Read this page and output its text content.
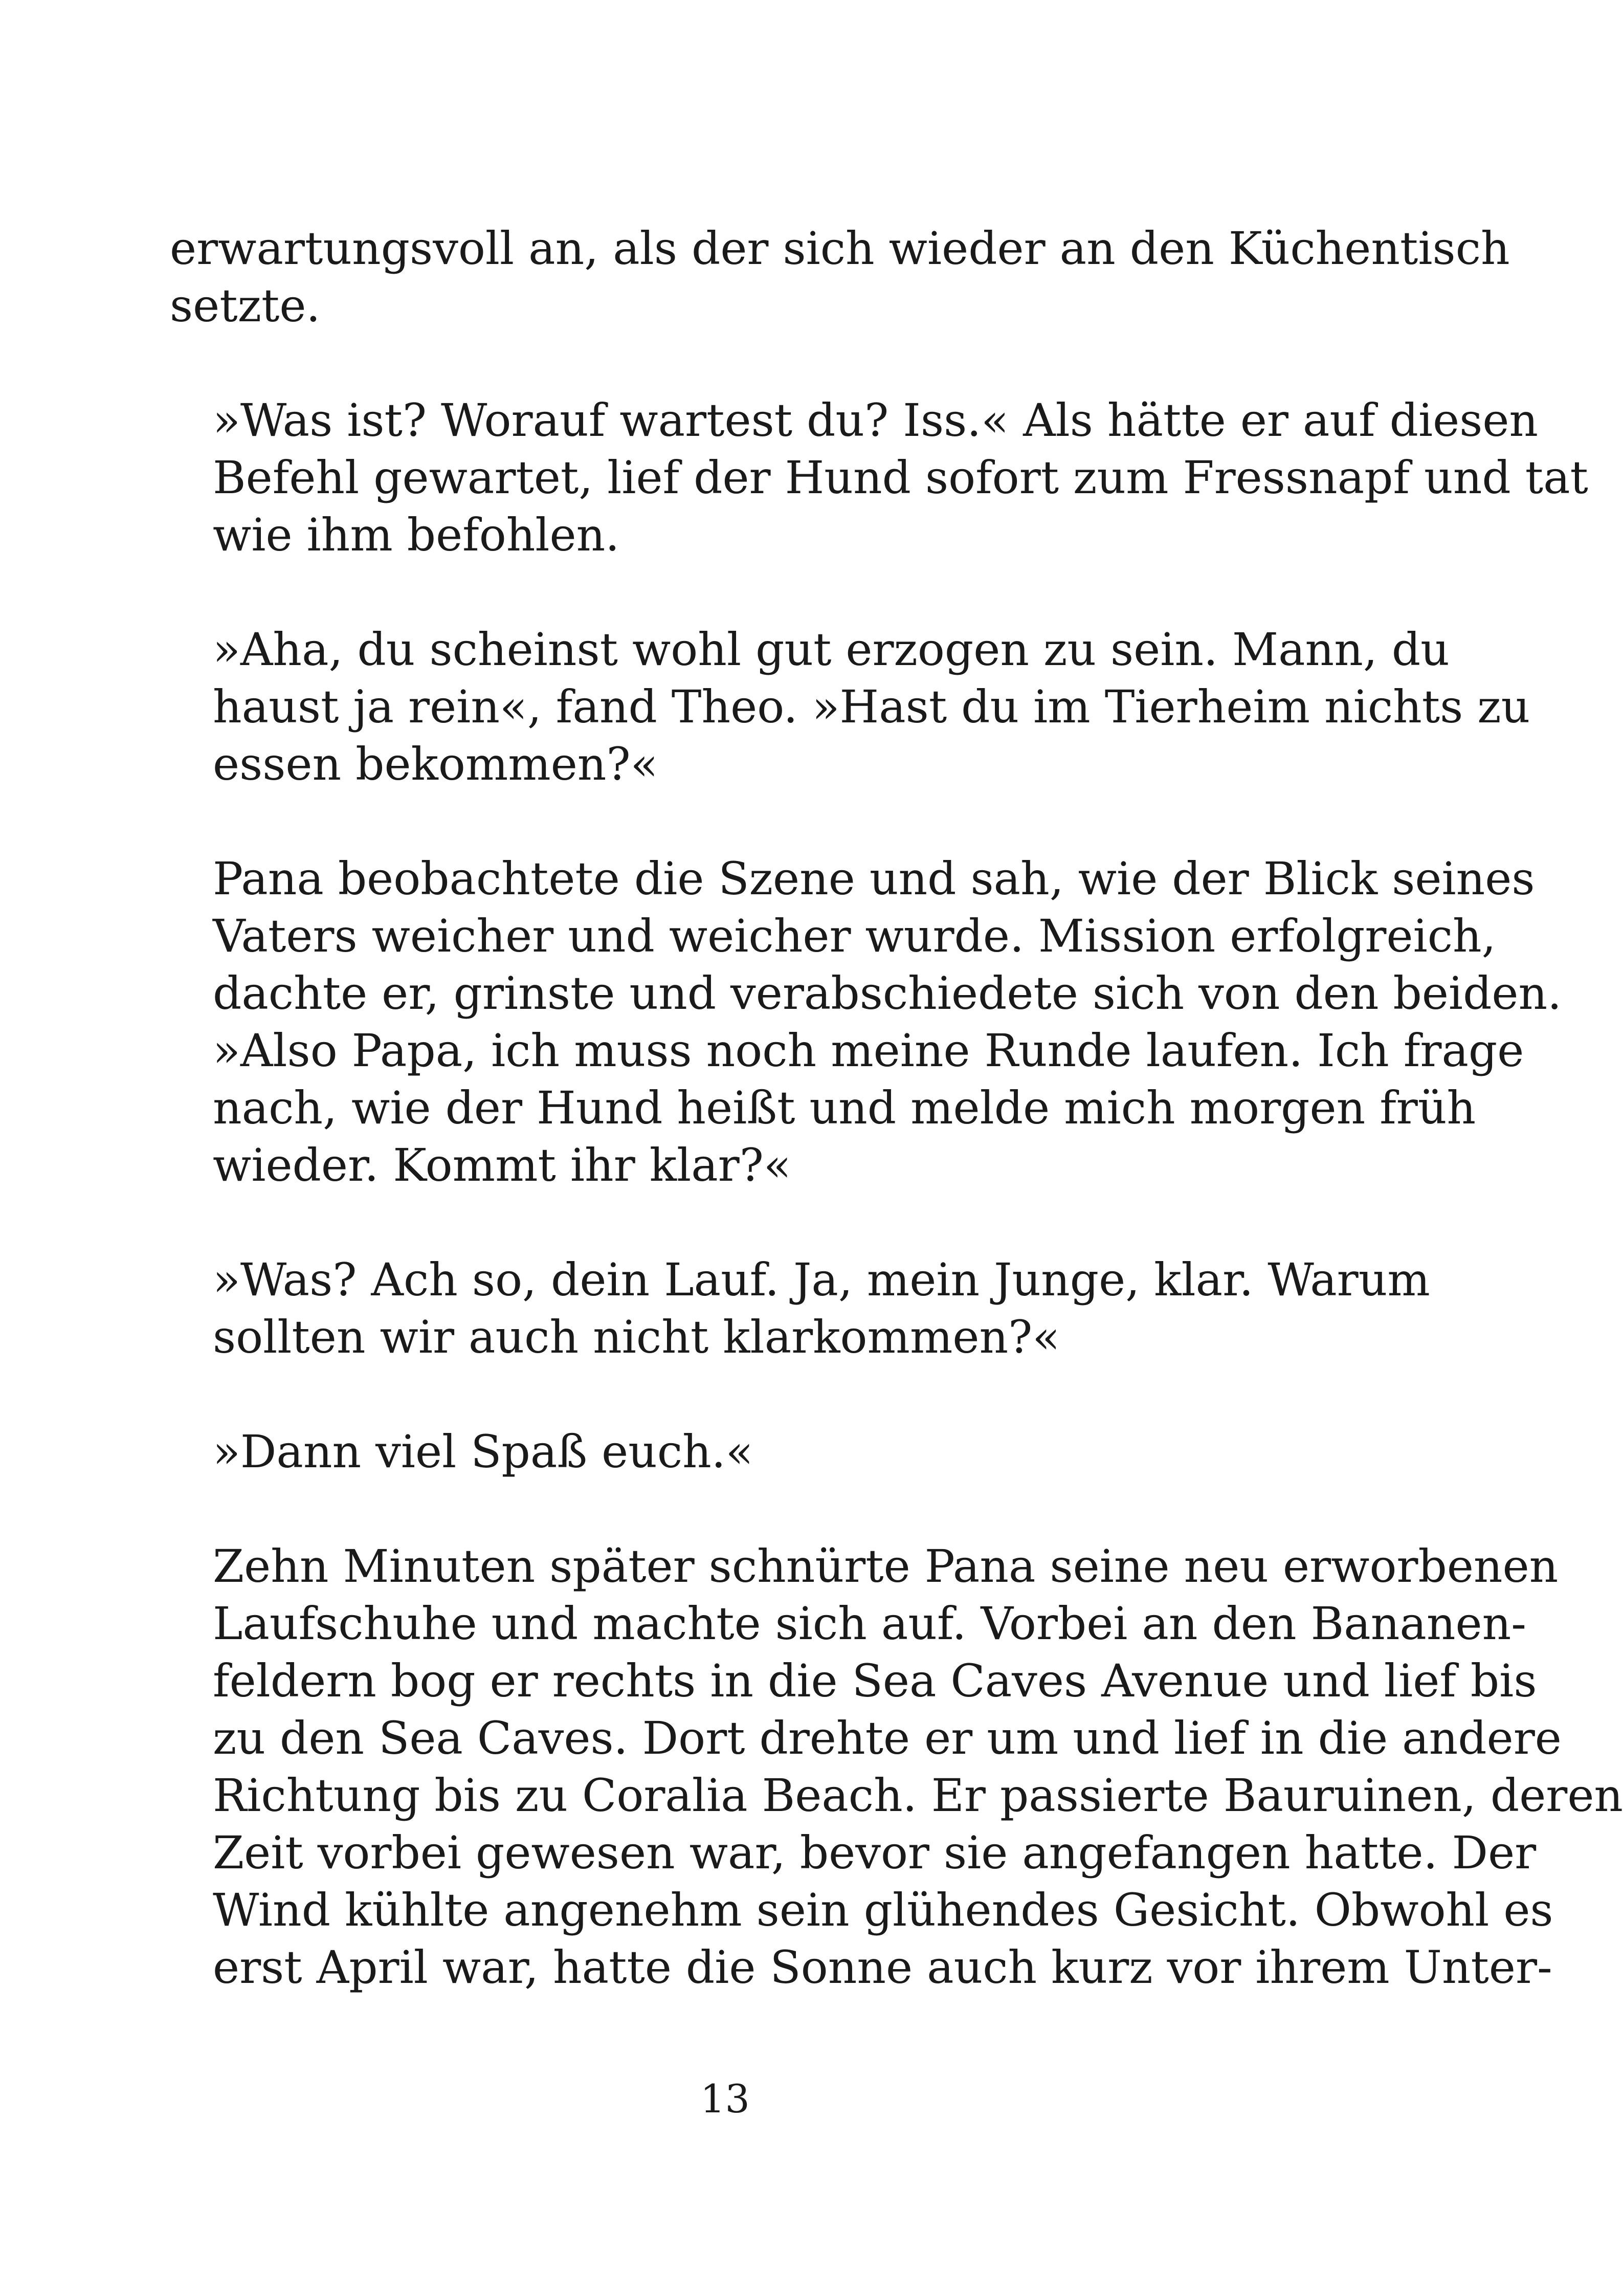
erwartungsvoll an, als der sich wieder an den Küchentisch
setzte.

»Was ist? Worauf wartest du? Iss.« Als hätte er auf diesen
Befehl gewartet, lief der Hund sofort zum Fressnapf und tat
wie ihm befohlen.

»Aha, du scheinst wohl gut erzogen zu sein. Mann, du
haust ja rein«, fand Theo. »Hast du im Tierheim nichts zu
essen bekommen?«

Pana beobachtete die Szene und sah, wie der Blick seines
Vaters weicher und weicher wurde. Mission erfolgreich,
dachte er, grinste und verabschiedete sich von den beiden.
»Also Papa, ich muss noch meine Runde laufen. Ich frage
nach, wie der Hund heißt und melde mich morgen früh
wieder. Kommt ihr klar?«

»Was? Ach so, dein Lauf. Ja, mein Junge, klar. Warum
sollten wir auch nicht klarkommen?«

»Dann viel Spaß euch.«

Zehn Minuten später schnürte Pana seine neu erworbenen
Laufschuhe und machte sich auf. Vorbei an den Bananen-
feldern bog er rechts in die Sea Caves Avenue und lief bis
zu den Sea Caves. Dort drehte er um und lief in die andere
Richtung bis zu Coralia Beach. Er passierte Bauruinen, deren
Zeit vorbei gewesen war, bevor sie angefangen hatte. Der
Wind kühlte angenehm sein glühendes Gesicht. Obwohl es
erst April war, hatte die Sonne auch kurz vor ihrem Unter-

13
